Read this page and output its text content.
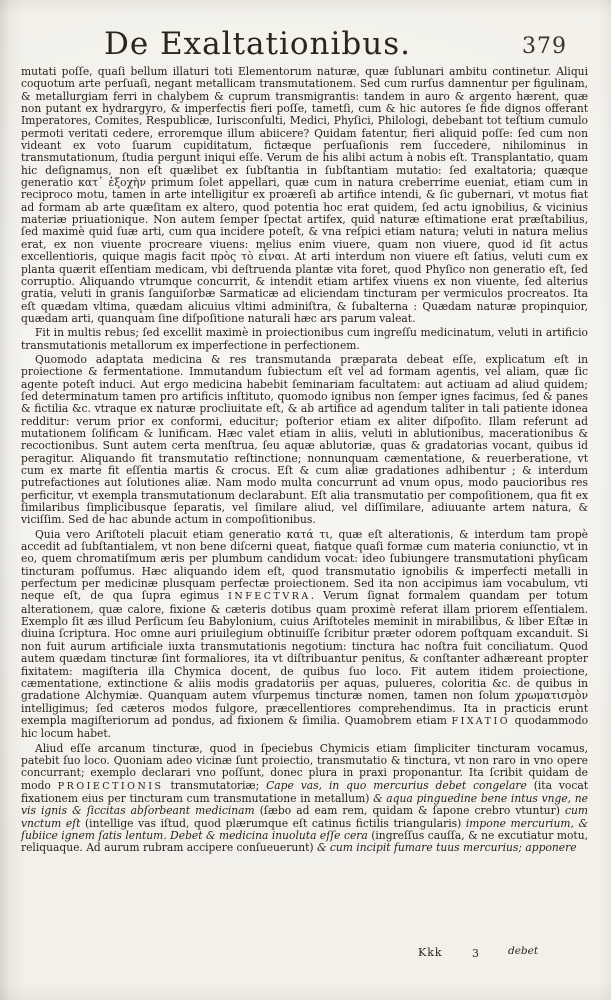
De Exaltationibus.	379

mutati poſſe, quaſi bellum illaturi toti Elementorum naturæ, quæ ſublunari ambitu continetur. Aliqui coquotum arte perſuaſi, negant metallicam transmutationem. Sed cum rurſus damnentur per figulinam, & metallurgiam ferri in chalybem & cuprum transmigrantis: tandem in auro & argento hærent, quæ non putant ex hydrargyro, & imperfectis fieri poſſe, tametſi, cum & hic autores ſe fide dignos offerant Imperatores, Comites, Respublicæ, Iurisconſulti, Medici, Phyſici, Philologi, debebant tot teſtium cumulo permoti veritati cedere, erroremque illum abiicere? Quidam fatentur, fieri aliquid poſſe: ſed cum non videant ex voto ſuarum cupiditatum, fictæque perſuaſionis rem ſuccedere, nihilominus in transmutationum, ſtudia pergunt iniqui eſſe. Verum de his alibi actum à nobis eſt. Transplantatio, quam hic deſignamus, non eſt quælibet ex ſubſtantia in ſubſtantiam mutatio: ſed exaltatoria; quæque generatio κατ᾽ ἐξοχὴν primum ſolet appellari, quæ cum in natura creberrime eueniat, etiam cum in reciproco motu, tamen in arte intelligitur ex proæreſi ab artifice intendi, & ſic gubernari, vt motus fiat ad formam ab arte quæſitam ex altero, quod potentia hoc erat quidem, ſed actu ignobilius, & vicinius materiæ priuationique. Non autem ſemper ſpectat artifex, quid naturæ eſtimatione erat præſtabilius, ſed maximè quid ſuæ arti, cum qua incidere poteſt, & vna reſpici etiam natura; veluti in natura melius erat, ex non viuente procreare viuens: melius enim viuere, quam non viuere, quod id ſit actus excellentioris, quique magis facit πρὸς τὸ εἶναι. At arti interdum non viuere eſt ſatius, veluti cum ex planta quærit eſſentiam medicam, vbi deſtruenda plantæ vita foret, quod Phyſico non generatio eſt, ſed corruptio. Aliquando vtrumque concurrit, & intendit etiam artifex viuens ex non viuente, ſed alterius gratia, veluti in granis ſanguiſorbæ Sarmaticæ ad eliciendam tincturam per vermiculos procreatos. Ita eſt quædam vltima, quædam alicuius vltimi adminiſtra, & ſubalterna : Quædam naturæ propinquior, quædam arti, quanquam ſine diſpoſitione naturali hæc ars parum valeat.

Fit in multis rebus; ſed excellit maximè in proiectionibus cum ingreſſu medicinatum, veluti in artificio transmutationis metallorum ex imperfectione in perfectionem.

Quomodo adaptata medicina & res transmutanda præparata debeat eſſe, explicatum eſt in proiectione & fermentatione. Immutandum ſubiectum eſt vel ad formam agentis, vel aliam, quæ ſic agente poteſt induci. Aut ergo medicina habebit ſeminariam facultatem: aut actiuam ad aliud quidem; ſed determinatum tamen pro artificis inſtituto, quomodo ignibus non ſemper ignes facimus, ſed & panes & fictilia &c. vtraque ex naturæ procliuitate eſt, & ab artifice ad agendum taliter in tali patiente idonea redditur: verum prior ex conformi, educitur; poſterior etiam ex aliter diſpoſito. Illam referunt ad mutationem ſolificam & lunificam. Hæc valet etiam in aliis, veluti in ablutionibus, macerationibus & recoctionibus. Sunt autem certa menſtrua, ſeu aquæ ablutoriæ, quas & gradatorias vocant, quibus id peragitur. Aliquando fit transmutatio reſtinctione; nonnunquam cæmentatione, & reuerberatione, vt cum ex marte fit eſſentia martis & crocus. Eſt & cum aliæ gradationes adhibentur ; & interdum putrefactiones aut ſolutiones aliæ. Nam modo multa concurrunt ad vnum opus, modo paucioribus res perficitur, vt exempla transmutationum declarabunt. Eſt alia transmutatio per compoſitionem, qua fit ex ſimilaribus ſimplicibusque ſeparatis, vel ſimilare aliud, vel diſſimilare, adiuuante artem natura, & viciſſim. Sed de hac abunde actum in compoſitionibus.

Quia vero Ariſtoteli placuit etiam generatio κατά τι, quæ eſt alterationis, & interdum tam propè accedit ad ſubſtantialem, vt non bene diſcerni queat, fiatque quaſi formæ cum materia coniunctio, vt in eo, quem chromatiſmum æris per plumbum candidum vocat: ideo ſubiungere transmutationi phyſicam tincturam poſſumus. Hæc aliquando idem eſt, quod transmutatio ignobilis & imperfecti metalli in perfectum per medicinæ plusquam perfectæ proiectionem. Sed ita non accipimus iam vocabulum, vti neque eſt, de qua ſupra egimus INFECTVRA. Verum ſignat formalem quandam per totum alterationem, quæ calore, fixione & cæteris dotibus quam proximè referat illam priorem eſſentialem. Exemplo ſit æs illud Perſicum ſeu Babylonium, cuius Ariſtoteles meminit in mirabilibus, & liber Eſtæ in diuina ſcriptura. Hoc omne auri priuilegium obtinuiſſe ſcribitur præter odorem poſtquam excanduit. Si non fuit aurum artificiale iuxta transmutationis negotium: tinctura hac noſtra fuit conciliatum. Quod autem quædam tincturæ ſint formaliores, ita vt diſtribuantur penitus, & conſtanter adhæreant propter fixitatem: magiſteria illa Chymica docent, de quibus ſuo loco. Fit autem itidem proiectione, cæmentatione, extinctione & aliis modis gradatoriis per aquas, pulueres, coloritia &c. de quibus in gradatione Alchymiæ. Quanquam autem vſurpemus tincturæ nomen, tamen non ſolum χρωματισμὸν intelligimus; ſed cæteros modos fulgore, præcellentiores comprehendimus. Ita in practicis erunt exempla magiſteriorum ad pondus, ad fixionem & ſimilia. Quamobrem etiam FIXATIO quodammodo hic locum habet.

Aliud eſſe arcanum tincturæ, quod in ſpeciebus Chymicis etiam ſimpliciter tincturam vocamus, patebit ſuo loco. Quoniam adeo vicinæ ſunt proiectio, transmutatio & tinctura, vt non raro in vno opere concurrant; exemplo declarari vno poſſunt, donec plura in praxi proponantur. Ita ſcribit quidam de modo PROIECTIONIS transmutatoriæ; Cape vas, in quo mercurius debet congelare (ita vocat fixationem eius per tincturam cum transmutatione in metallum) & aqua pinguedine bene intus vnge, ne vis ignis & ſiccitas abſorbeant medicinam (ſæbo ad eam rem, quidam & ſapone crebro vtuntur) cum vnctum eſt (intellige vas iſtud, quod plærumque eſt catinus fictilis triangularis) impone mercurium, & ſubiice ignem ſatis lentum. Debet & medicina inuoluta eſſe cera (ingreſſus cauſſa, & ne excutiatur motu, reliquaque. Ad aurum rubram accipere conſueuerunt) & cum incipit fumare tuus mercurius; apponere

Kkk	3	debet
